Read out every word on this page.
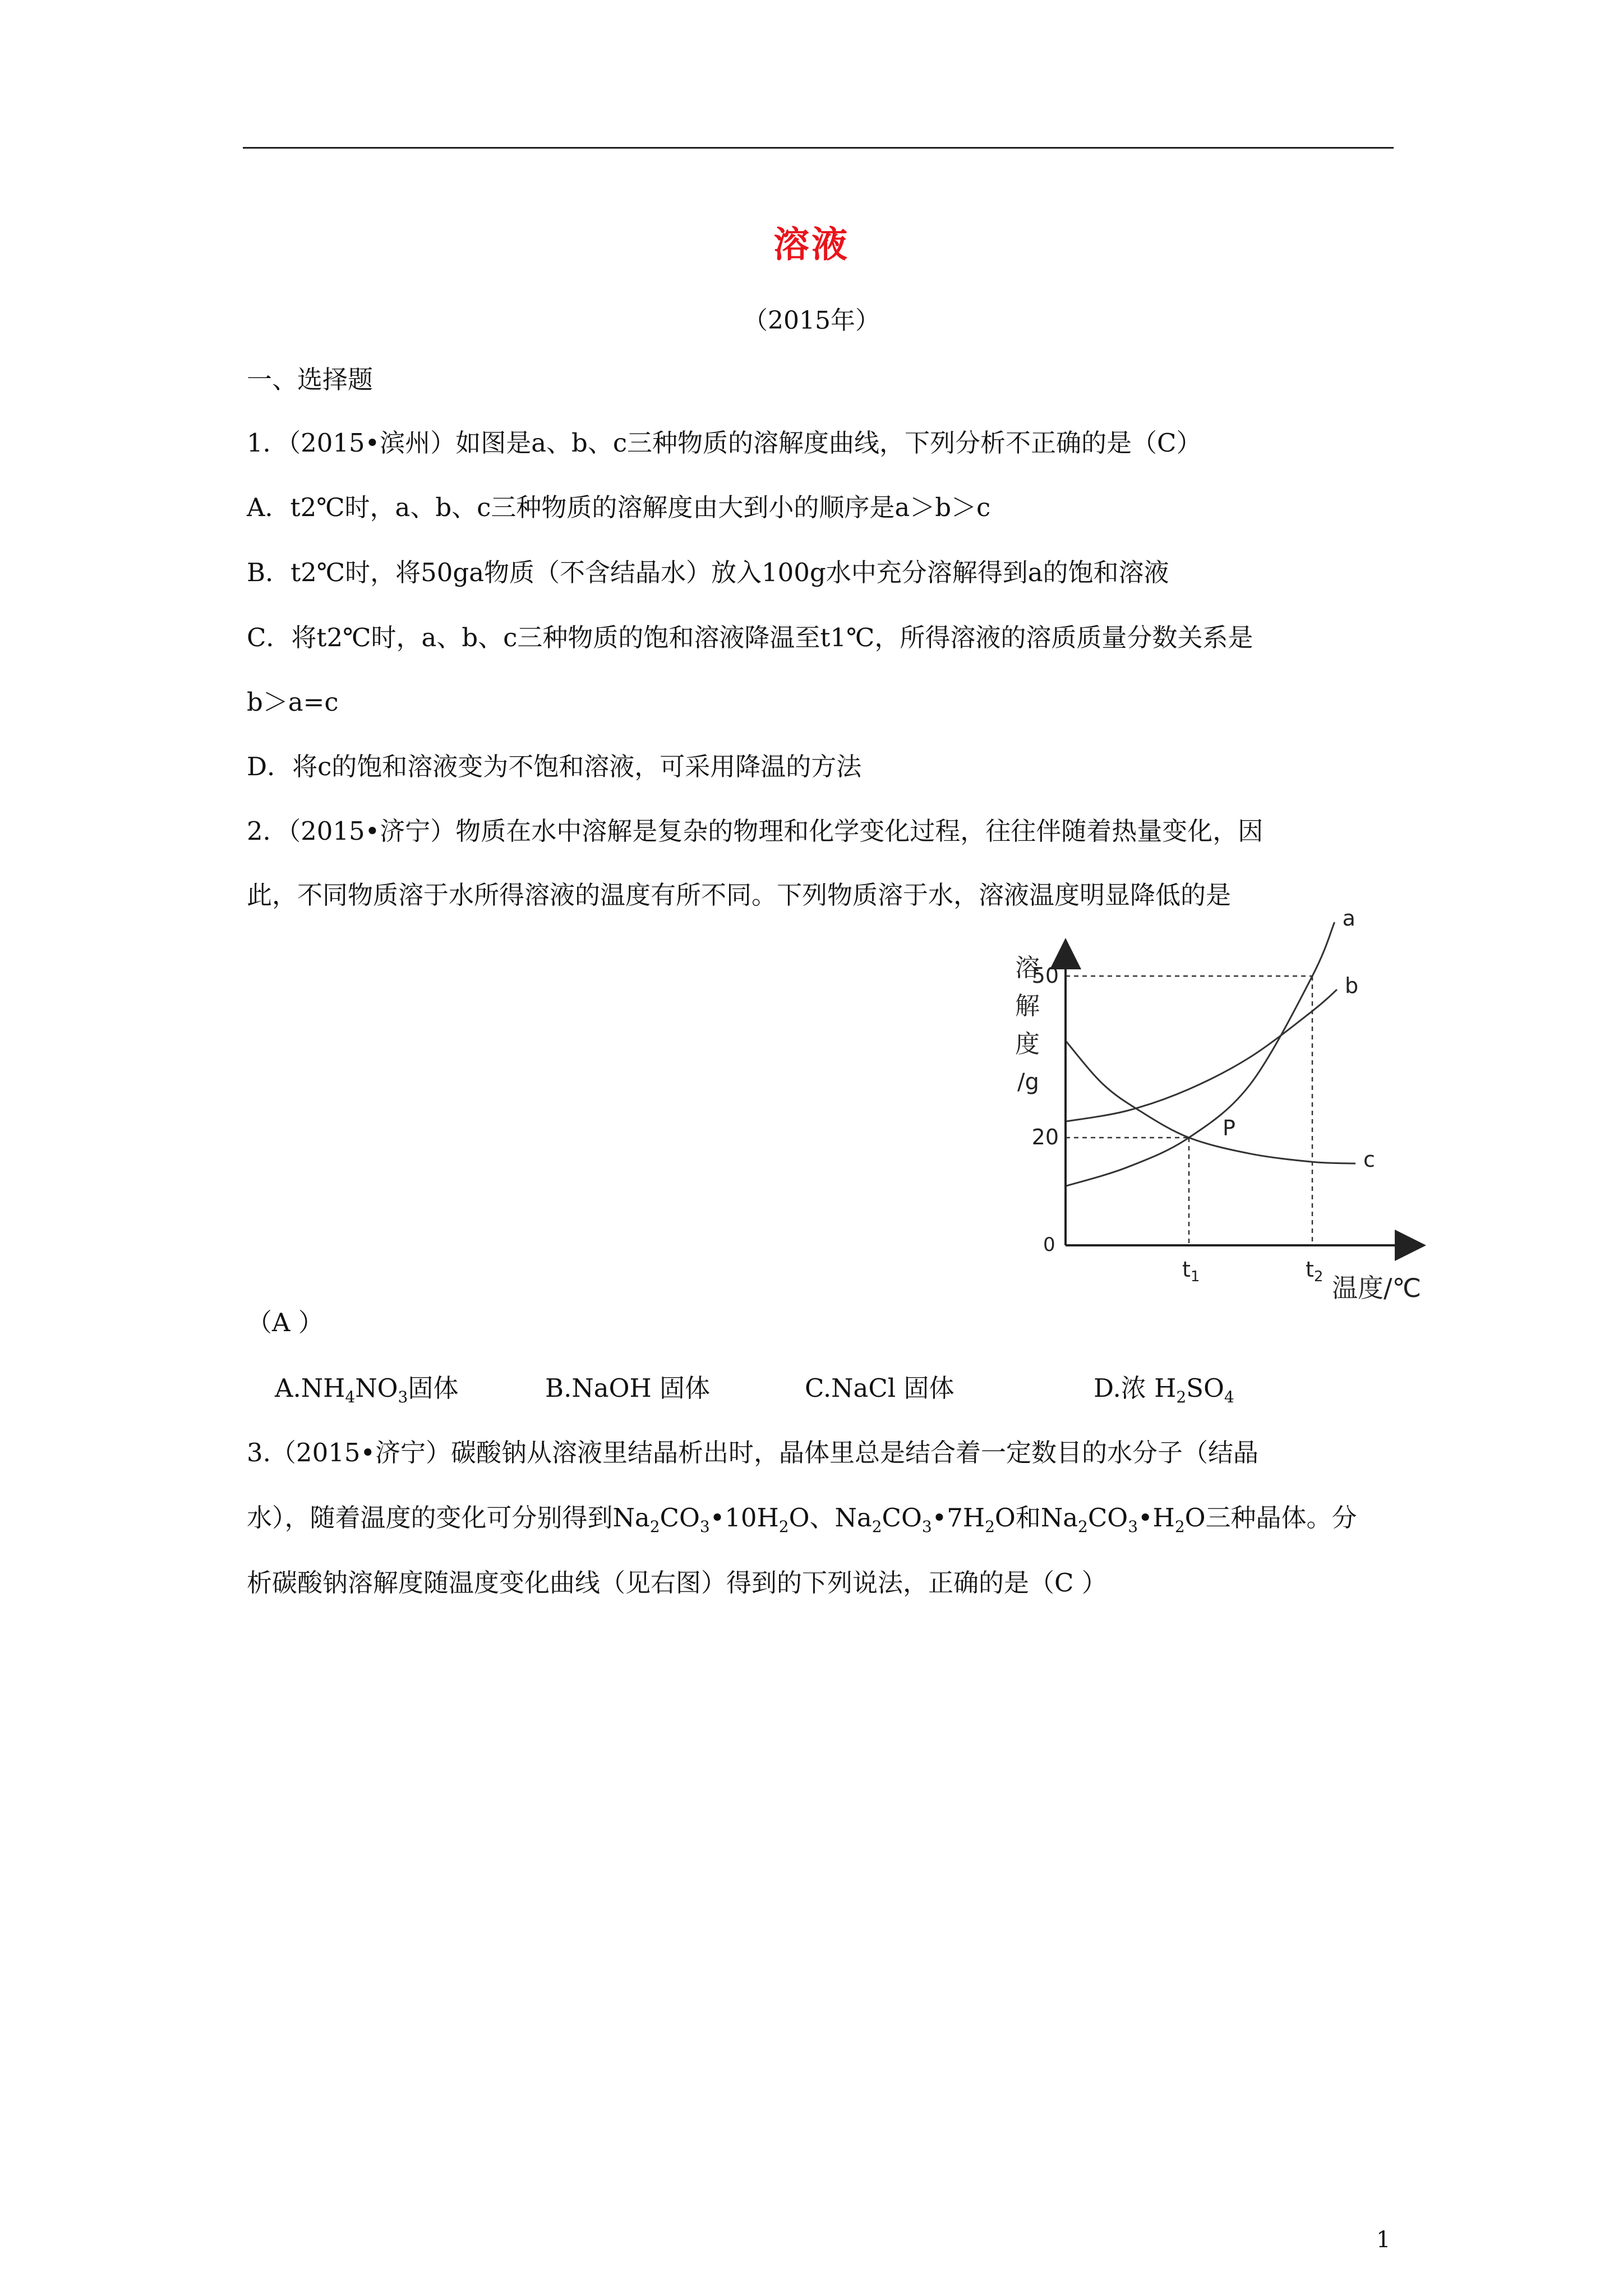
溶液
（2015年）
一、选择题
1．（2015•滨州）如图是a、b、c三种物质的溶解度曲线，下列分析不正确的是（C）
A．t2℃时，a、b、c三种物质的溶解度由大到小的顺序是a＞b＞c
B．t2℃时，将50ga物质（不含结晶水）放入100g水中充分溶解得到a的饱和溶液
C．将t2℃时，a、b、c三种物质的饱和溶液降温至t1℃，所得溶液的溶质质量分数关系是
b＞a=c
D．将c的饱和溶液变为不饱和溶液，可采用降温的方法
2．（2015•济宁）物质在水中溶解是复杂的物理和化学变化过程，往往伴随着热量变化，因
此，不同物质溶于水所得溶液的温度有所不同。下列物质溶于水，溶液温度明显降低的是
a
b
c
溶
解
度
/g
0
温度/℃
20
50
$t_1$	$t_2$
P
（A ）
$A.NH_4NO_3$固体	B.NaOH 固体	C.NaCl 固体	D.浓 $H_2SO_4$
3.（2015•济宁）碳酸钠从溶液里结晶析出时，晶体里总是结合着一定数目的水分子（结晶
水），随着温度的变化可分别得到$Na_2CO_3•10H_2O$、$Na_2CO_3•7H_2O$和$Na_2CO_3•H_2O$三种晶体。分
析碳酸钠溶解度随温度变化曲线（见右图）得到的下列说法，正确的是（C ）
1
